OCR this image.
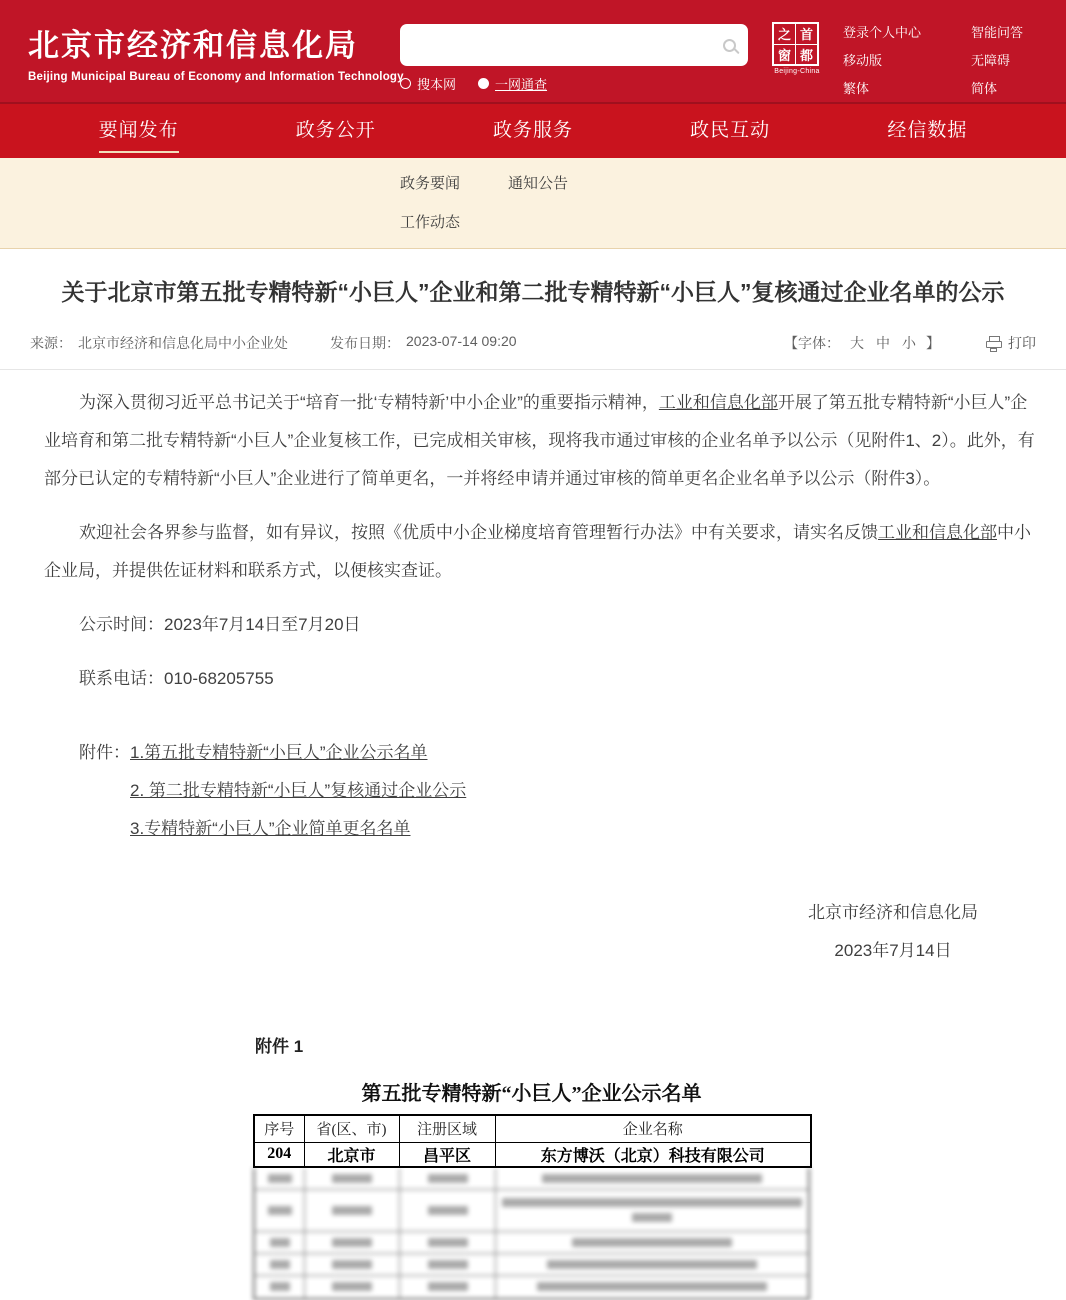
北京市经济和信息化局
Beijing Municipal Bureau of Economy and Information Technology 搜本网	一网通查
之 首
窗 都
Beijing-China
登录个人中心
移动版
繁体
智能问答
无障碍
简体
要闻发布	政务公开	政务服务	政民互动	经信数据
政务要闻	通知公告
工作动态
关于北京市第五批专精特新“小巨人”企业和第二批专精特新“小巨人”复核通过企业名单的公示
来源： 北京市经济和信息化局中小企业处	发布日期： 2023-07-14 09:20	【字体： 大 中 小 】	打印

为深入贯彻习近平总书记关于“培育一批‘专精特新’中小企业”的重要指示精神，工业和信息化部开展了第五批专精特新“小巨人”企业培育和第二批专精特新“小巨人”企业复核工作，已完成相关审核，现将我市通过审核的企业名单予以公示（见附件1、2）。此外，有部分已认定的专精特新“小巨人”企业进行了简单更名，一并将经申请并通过审核的简单更名企业名单予以公示（附件3）。

欢迎社会各界参与监督，如有异议，按照《优质中小企业梯度培育管理暂行办法》中有关要求，请实名反馈工业和信息化部中小企业局，并提供佐证材料和联系方式，以便核实查证。

公示时间：2023年7月14日至7月20日

联系电话：010-68205755

附件： 1.第五批专精特新“小巨人”企业公示名单
2. 第二批专精特新“小巨人”复核通过企业公示
3.专精特新“小巨人”企业简单更名名单
北京市经济和信息化局
2023年7月14日
附件 1
第五批专精特新“小巨人”企业公示名单
序号	省(区、市)	注册区域	企业名称
204	北京市	昌平区	东方博沃（北京）科技有限公司
